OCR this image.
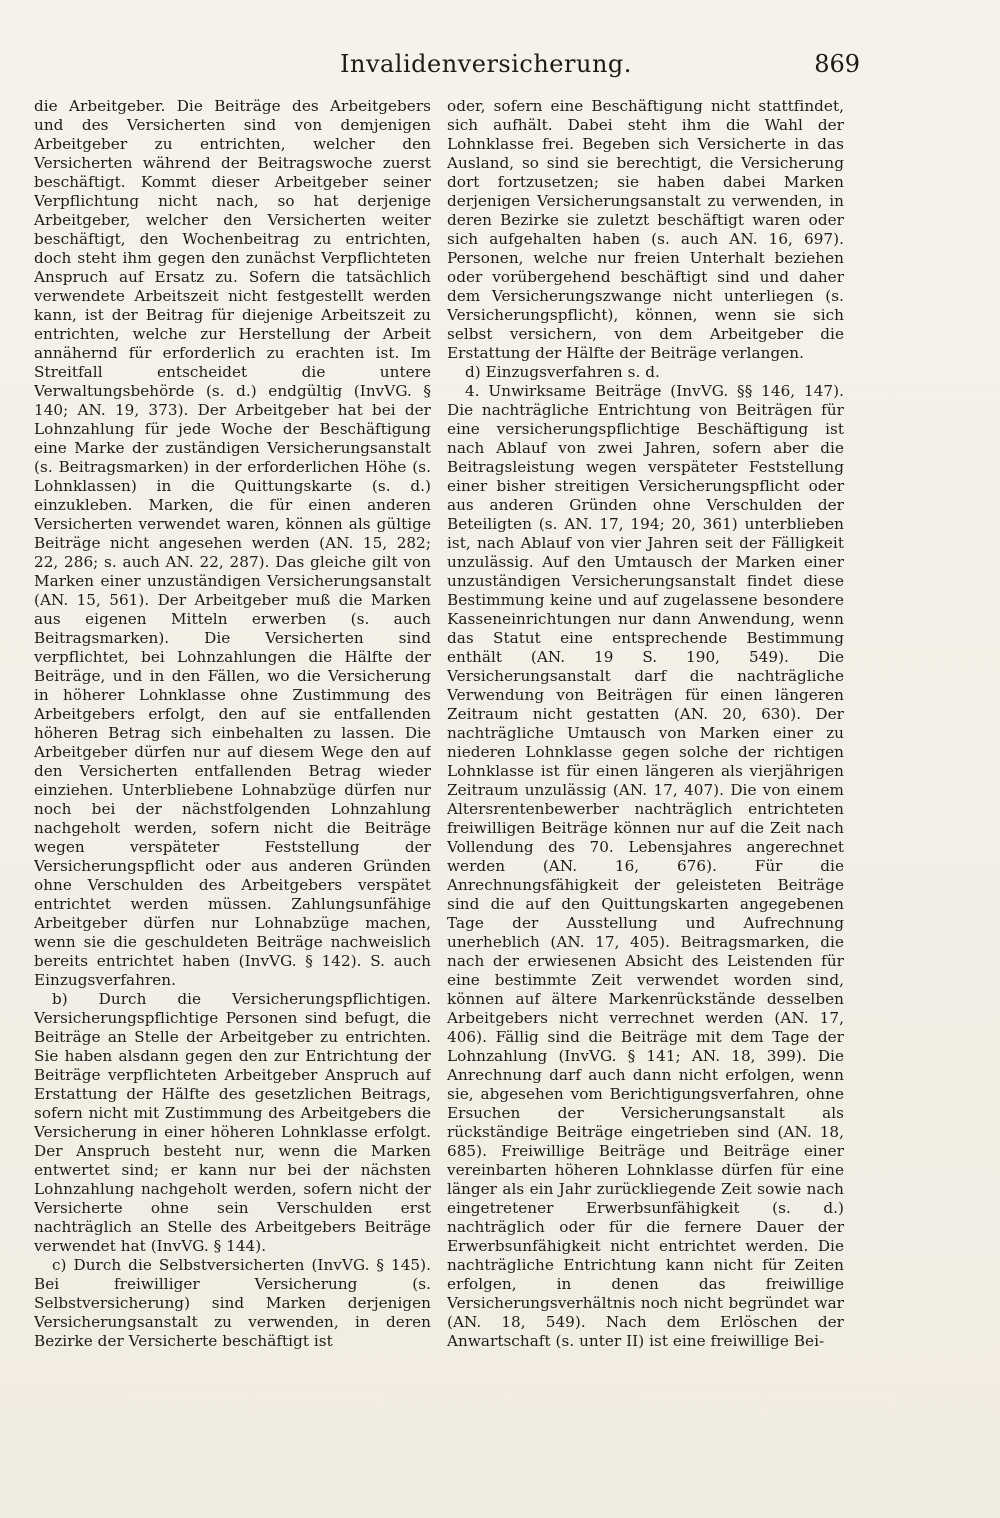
Invalidenversicherung.	869

die Arbeitgeber. Die Beiträge des Arbeitgebers und des Versicherten sind von demjenigen Arbeitgeber zu entrichten, welcher den Versicherten während der Beitragswoche zuerst beschäftigt. Kommt dieser Arbeitgeber seiner Verpflichtung nicht nach, so hat derjenige Arbeitgeber, welcher den Versicherten weiter beschäftigt, den Wochenbeitrag zu entrichten, doch steht ihm gegen den zunächst Verpflichteten Anspruch auf Ersatz zu. Sofern die tatsächlich verwendete Arbeitszeit nicht festgestellt werden kann, ist der Beitrag für diejenige Arbeitszeit zu entrichten, welche zur Herstellung der Arbeit annähernd für erforderlich zu erachten ist. Im Streitfall entscheidet die untere Verwaltungsbehörde (s. d.) endgültig (InvVG. § 140; AN. 19, 373). Der Arbeitgeber hat bei der Lohnzahlung für jede Woche der Beschäftigung eine Marke der zuständigen Versicherungsanstalt (s. Beitragsmarken) in der erforderlichen Höhe (s. Lohnklassen) in die Quittungskarte (s. d.) einzukleben. Marken, die für einen anderen Versicherten verwendet waren, können als gültige Beiträge nicht angesehen werden (AN. 15, 282; 22, 286; s. auch AN. 22, 287). Das gleiche gilt von Marken einer unzuständigen Versicherungsanstalt (AN. 15, 561). Der Arbeitgeber muß die Marken aus eigenen Mitteln erwerben (s. auch Beitragsmarken). Die Versicherten sind verpflichtet, bei Lohnzahlungen die Hälfte der Beiträge, und in den Fällen, wo die Versicherung in höherer Lohnklasse ohne Zustimmung des Arbeitgebers erfolgt, den auf sie entfallenden höheren Betrag sich einbehalten zu lassen. Die Arbeitgeber dürfen nur auf diesem Wege den auf den Versicherten entfallenden Betrag wieder einziehen. Unterbliebene Lohnabzüge dürfen nur noch bei der nächstfolgenden Lohnzahlung nachgeholt werden, sofern nicht die Beiträge wegen verspäteter Feststellung der Versicherungspflicht oder aus anderen Gründen ohne Verschulden des Arbeitgebers verspätet entrichtet werden müssen. Zahlungsunfähige Arbeitgeber dürfen nur Lohnabzüge machen, wenn sie die geschuldeten Beiträge nachweislich bereits entrichtet haben (InvVG. § 142). S. auch Einzugsverfahren.

b) Durch die Versicherungspflichtigen. Versicherungspflichtige Personen sind befugt, die Beiträge an Stelle der Arbeitgeber zu entrichten. Sie haben alsdann gegen den zur Entrichtung der Beiträge verpflichteten Arbeitgeber Anspruch auf Erstattung der Hälfte des gesetzlichen Beitrags, sofern nicht mit Zustimmung des Arbeitgebers die Versicherung in einer höheren Lohnklasse erfolgt. Der Anspruch besteht nur, wenn die Marken entwertet sind; er kann nur bei der nächsten Lohnzahlung nachgeholt werden, sofern nicht der Versicherte ohne sein Verschulden erst nachträglich an Stelle des Arbeitgebers Beiträge verwendet hat (InvVG. § 144).

c) Durch die Selbstversicherten (InvVG. § 145). Bei freiwilliger Versicherung (s. Selbstversicherung) sind Marken derjenigen Versicherungsanstalt zu verwenden, in deren Bezirke der Versicherte beschäftigt ist

oder, sofern eine Beschäftigung nicht stattfindet, sich aufhält. Dabei steht ihm die Wahl der Lohnklasse frei. Begeben sich Versicherte in das Ausland, so sind sie berechtigt, die Versicherung dort fortzusetzen; sie haben dabei Marken derjenigen Versicherungsanstalt zu verwenden, in deren Bezirke sie zuletzt beschäftigt waren oder sich aufgehalten haben (s. auch AN. 16, 697). Personen, welche nur freien Unterhalt beziehen oder vorübergehend beschäftigt sind und daher dem Versicherungszwange nicht unterliegen (s. Versicherungspflicht), können, wenn sie sich selbst versichern, von dem Arbeitgeber die Erstattung der Hälfte der Beiträge verlangen.

d) Einzugsverfahren s. d.

4. Unwirksame Beiträge (InvVG. §§ 146, 147). Die nachträgliche Entrichtung von Beiträgen für eine versicherungspflichtige Beschäftigung ist nach Ablauf von zwei Jahren, sofern aber die Beitragsleistung wegen verspäteter Feststellung einer bisher streitigen Versicherungspflicht oder aus anderen Gründen ohne Verschulden der Beteiligten (s. AN. 17, 194; 20, 361) unterblieben ist, nach Ablauf von vier Jahren seit der Fälligkeit unzulässig. Auf den Umtausch der Marken einer unzuständigen Versicherungsanstalt findet diese Bestimmung keine und auf zugelassene besondere Kasseneinrichtungen nur dann Anwendung, wenn das Statut eine entsprechende Bestimmung enthält (AN. 19 S. 190, 549). Die Versicherungsanstalt darf die nachträgliche Verwendung von Beiträgen für einen längeren Zeitraum nicht gestatten (AN. 20, 630). Der nachträgliche Umtausch von Marken einer zu niederen Lohnklasse gegen solche der richtigen Lohnklasse ist für einen längeren als vierjährigen Zeitraum unzulässig (AN. 17, 407). Die von einem Altersrentenbewerber nachträglich entrichteten freiwilligen Beiträge können nur auf die Zeit nach Vollendung des 70. Lebensjahres angerechnet werden (AN. 16, 676). Für die Anrechnungsfähigkeit der geleisteten Beiträge sind die auf den Quittungskarten angegebenen Tage der Ausstellung und Aufrechnung unerheblich (AN. 17, 405). Beitragsmarken, die nach der erwiesenen Absicht des Leistenden für eine bestimmte Zeit verwendet worden sind, können auf ältere Markenrückstände desselben Arbeitgebers nicht verrechnet werden (AN. 17, 406). Fällig sind die Beiträge mit dem Tage der Lohnzahlung (InvVG. § 141; AN. 18, 399). Die Anrechnung darf auch dann nicht erfolgen, wenn sie, abgesehen vom Berichtigungsverfahren, ohne Ersuchen der Versicherungsanstalt als rückständige Beiträge eingetrieben sind (AN. 18, 685). Freiwillige Beiträge und Beiträge einer vereinbarten höheren Lohnklasse dürfen für eine länger als ein Jahr zurückliegende Zeit sowie nach eingetretener Erwerbsunfähigkeit (s. d.) nachträglich oder für die fernere Dauer der Erwerbsunfähigkeit nicht entrichtet werden. Die nachträgliche Entrichtung kann nicht für Zeiten erfolgen, in denen das freiwillige Versicherungsverhältnis noch nicht begründet war (AN. 18, 549). Nach dem Erlöschen der Anwartschaft (s. unter II) ist eine freiwillige Bei-
